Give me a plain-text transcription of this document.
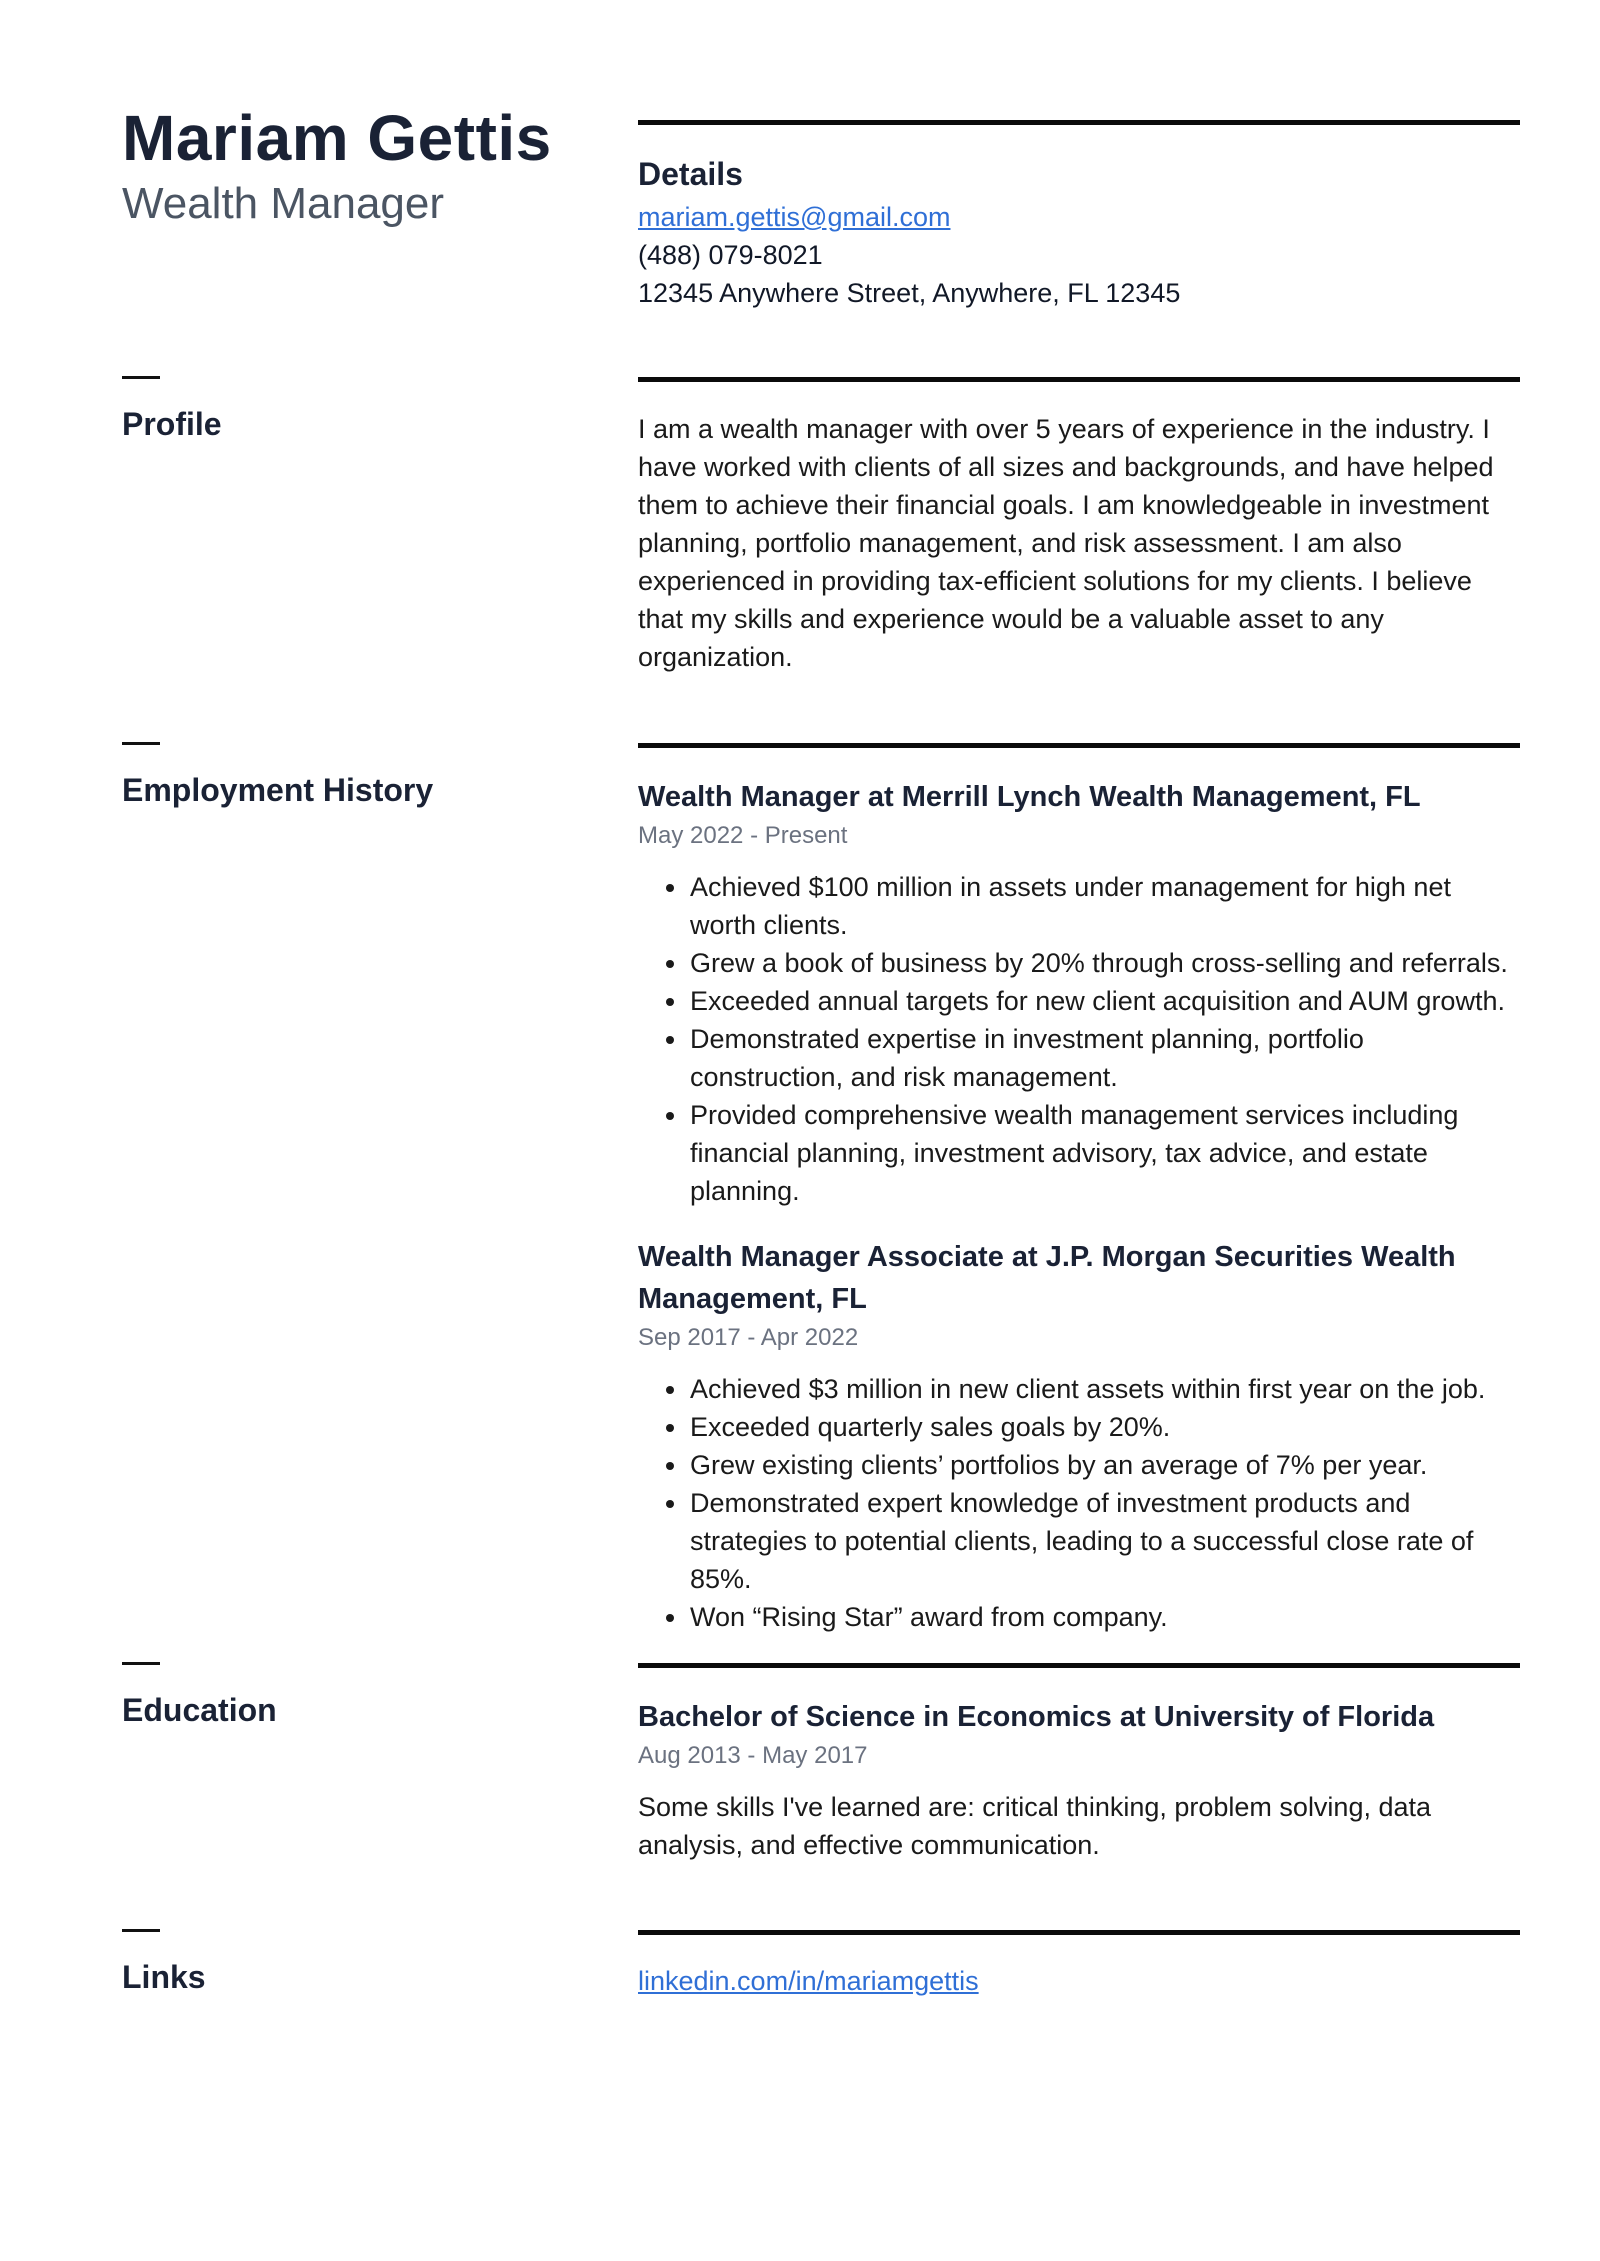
Mariam Gettis
Wealth Manager
Details
mariam.gettis@gmail.com
(488) 079-8021
12345 Anywhere Street, Anywhere, FL 12345
Profile	I am a wealth manager with over 5 years of experience in the industry. I have worked with clients of all sizes and backgrounds, and have helped them to achieve their financial goals. I am knowledgeable in investment planning, portfolio management, and risk assessment. I am also experienced in providing tax-efficient solutions for my clients. I believe that my skills and experience would be a valuable asset to any organization.

Employment History	Wealth Manager at Merrill Lynch Wealth Management, FL
May 2022 - Present
Achieved $100 million in assets under management for high net worth clients.
Grew a book of business by 20% through cross-selling and referrals.
Exceeded annual targets for new client acquisition and AUM growth.
Demonstrated expertise in investment planning, portfolio construction, and risk management.
Provided comprehensive wealth management services including financial planning, investment advisory, tax advice, and estate planning.
Wealth Manager Associate at J.P. Morgan Securities Wealth Management, FL
Sep 2017 - Apr 2022
Achieved $3 million in new client assets within first year on the job.
Exceeded quarterly sales goals by 20%.
Grew existing clients’ portfolios by an average of 7% per year.
Demonstrated expert knowledge of investment products and strategies to potential clients, leading to a successful close rate of 85%.
Won “Rising Star” award from company.
Education	Bachelor of Science in Economics at University of Florida
Aug 2013 - May 2017

Some skills I've learned are: critical thinking, problem solving, data analysis, and effective communication.

Links	linkedin.com/in/mariamgettis
